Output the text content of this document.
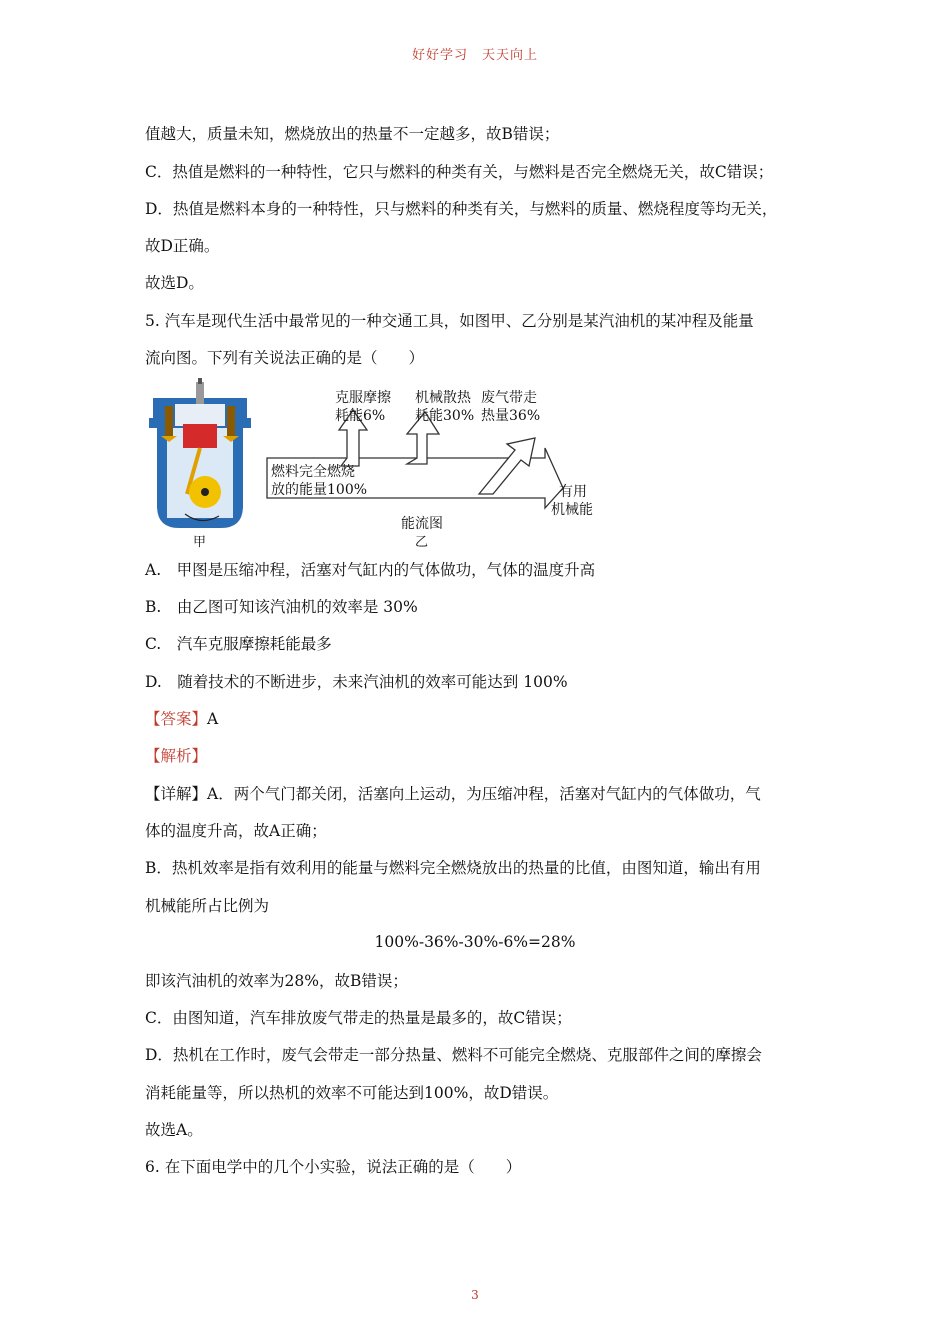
好好学习　天天向上
值越大，质量未知，燃烧放出的热量不一定越多，故B错误；
C．热值是燃料的一种特性，它只与燃料的种类有关，与燃料是否完全燃烧无关，故C错误；
D．热值是燃料本身的一种特性，只与燃料的种类有关，与燃料的质量、燃烧程度等均无关，
故D正确。
故选D。
5. 汽车是现代生活中最常见的一种交通工具，如图甲、乙分别是某汽油机的某冲程及能量
流向图。下列有关说法正确的是（　　）
甲
克服摩擦
耗能6%
机械散热
耗能30%
废气带走
热量36%
燃料完全燃烧
放的能量100%	有用
机械能
能流图
乙
A.　甲图是压缩冲程，活塞对气缸内的气体做功，气体的温度升高
B.　由乙图可知该汽油机的效率是 30%
C.　汽车克服摩擦耗能最多
D.　随着技术的不断进步，未来汽油机的效率可能达到 100%
【答案】A
【解析】
【详解】A．两个气门都关闭，活塞向上运动，为压缩冲程，活塞对气缸内的气体做功，气
体的温度升高，故A正确；
B．热机效率是指有效利用的能量与燃料完全燃烧放出的热量的比值，由图知道，输出有用
机械能所占比例为
100%-36%-30%-6%=28%
即该汽油机的效率为28%，故B错误；
C．由图知道，汽车排放废气带走的热量是最多的，故C错误；
D．热机在工作时，废气会带走一部分热量、燃料不可能完全燃烧、克服部件之间的摩擦会
消耗能量等，所以热机的效率不可能达到100%，故D错误。
故选A。
6. 在下面电学中的几个小实验，说法正确的是（　　）
3
